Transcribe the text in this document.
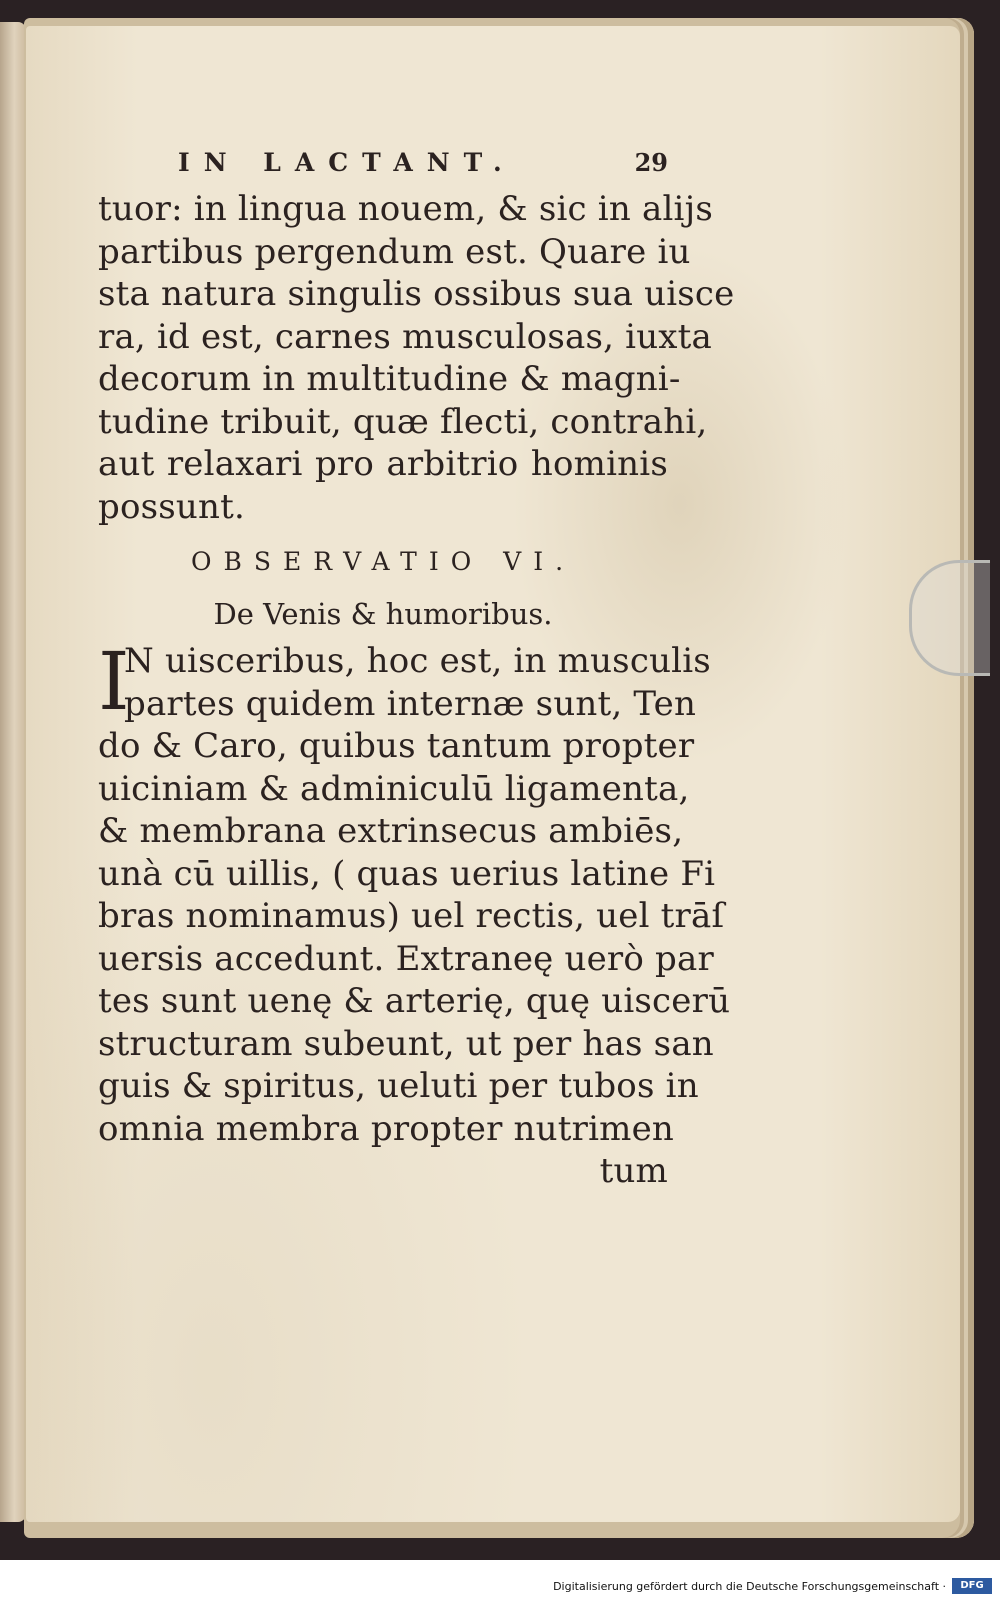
IN LACTANT.	29
tuor: in lingua nouem, & sic in alijs
partibus pergendum est. Quare iu
sta natura singulis ossibus sua uisce
ra, id est, carnes musculosas, iuxta
decorum in multitudine & magni-
tudine tribuit, quæ flecti, contrahi,
aut relaxari pro arbitrio hominis
possunt.
OBSERVATIO VI.
De Venis & humoribus.
I
N uisceribus, hoc est, in musculis
partes quidem internæ sunt, Ten
do & Caro, quibus tantum propter
uiciniam & adminiculū ligamenta,
& membrana extrinsecus ambiēs,
unà cū uillis, ( quas uerius latine Fi
bras nominamus) uel rectis, uel trāſ
uersis accedunt. Extraneę uerò par
tes sunt uenę & arterię, quę uiscerū
structuram subeunt, ut per has san
guis & spiritus, ueluti per tubos in
omnia membra propter nutrimen
tum
Digitalisierung gefördert durch die Deutsche Forschungsgemeinschaft ·	DFG
